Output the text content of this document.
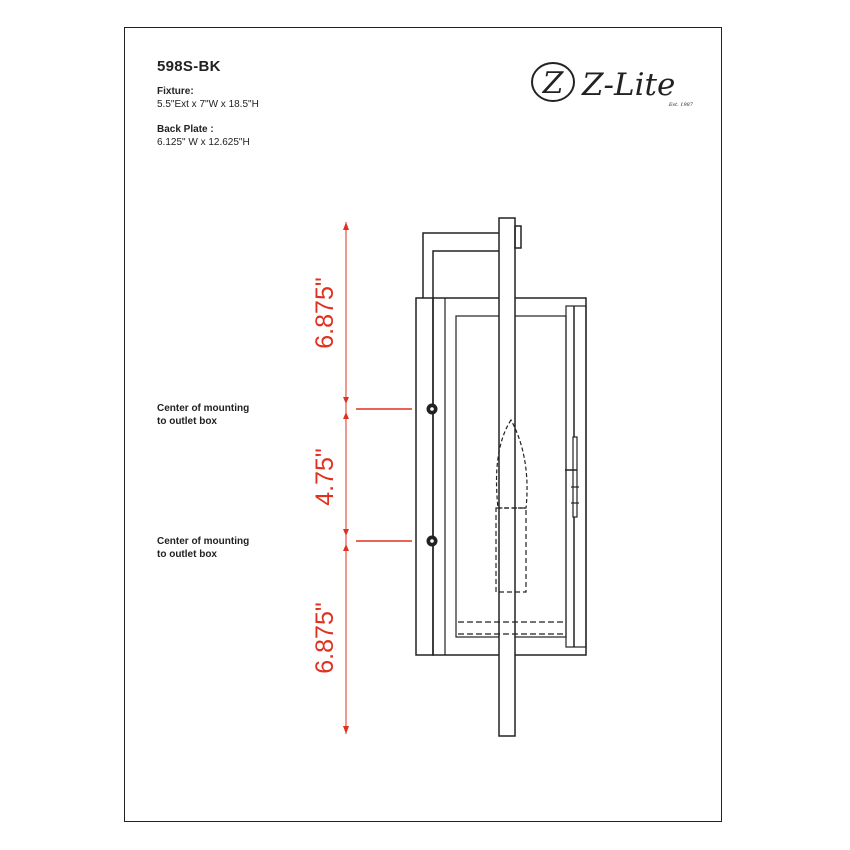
598S-BK
Fixture:
5.5"Ext x 7"W x 18.5"H
Back Plate :
6.125" W x 12.625"H
Center of mounting
to outlet box
Center of mounting
to outlet box
Z Z-Lite
Est. 1987
6.875"
4.75"
6.875"
